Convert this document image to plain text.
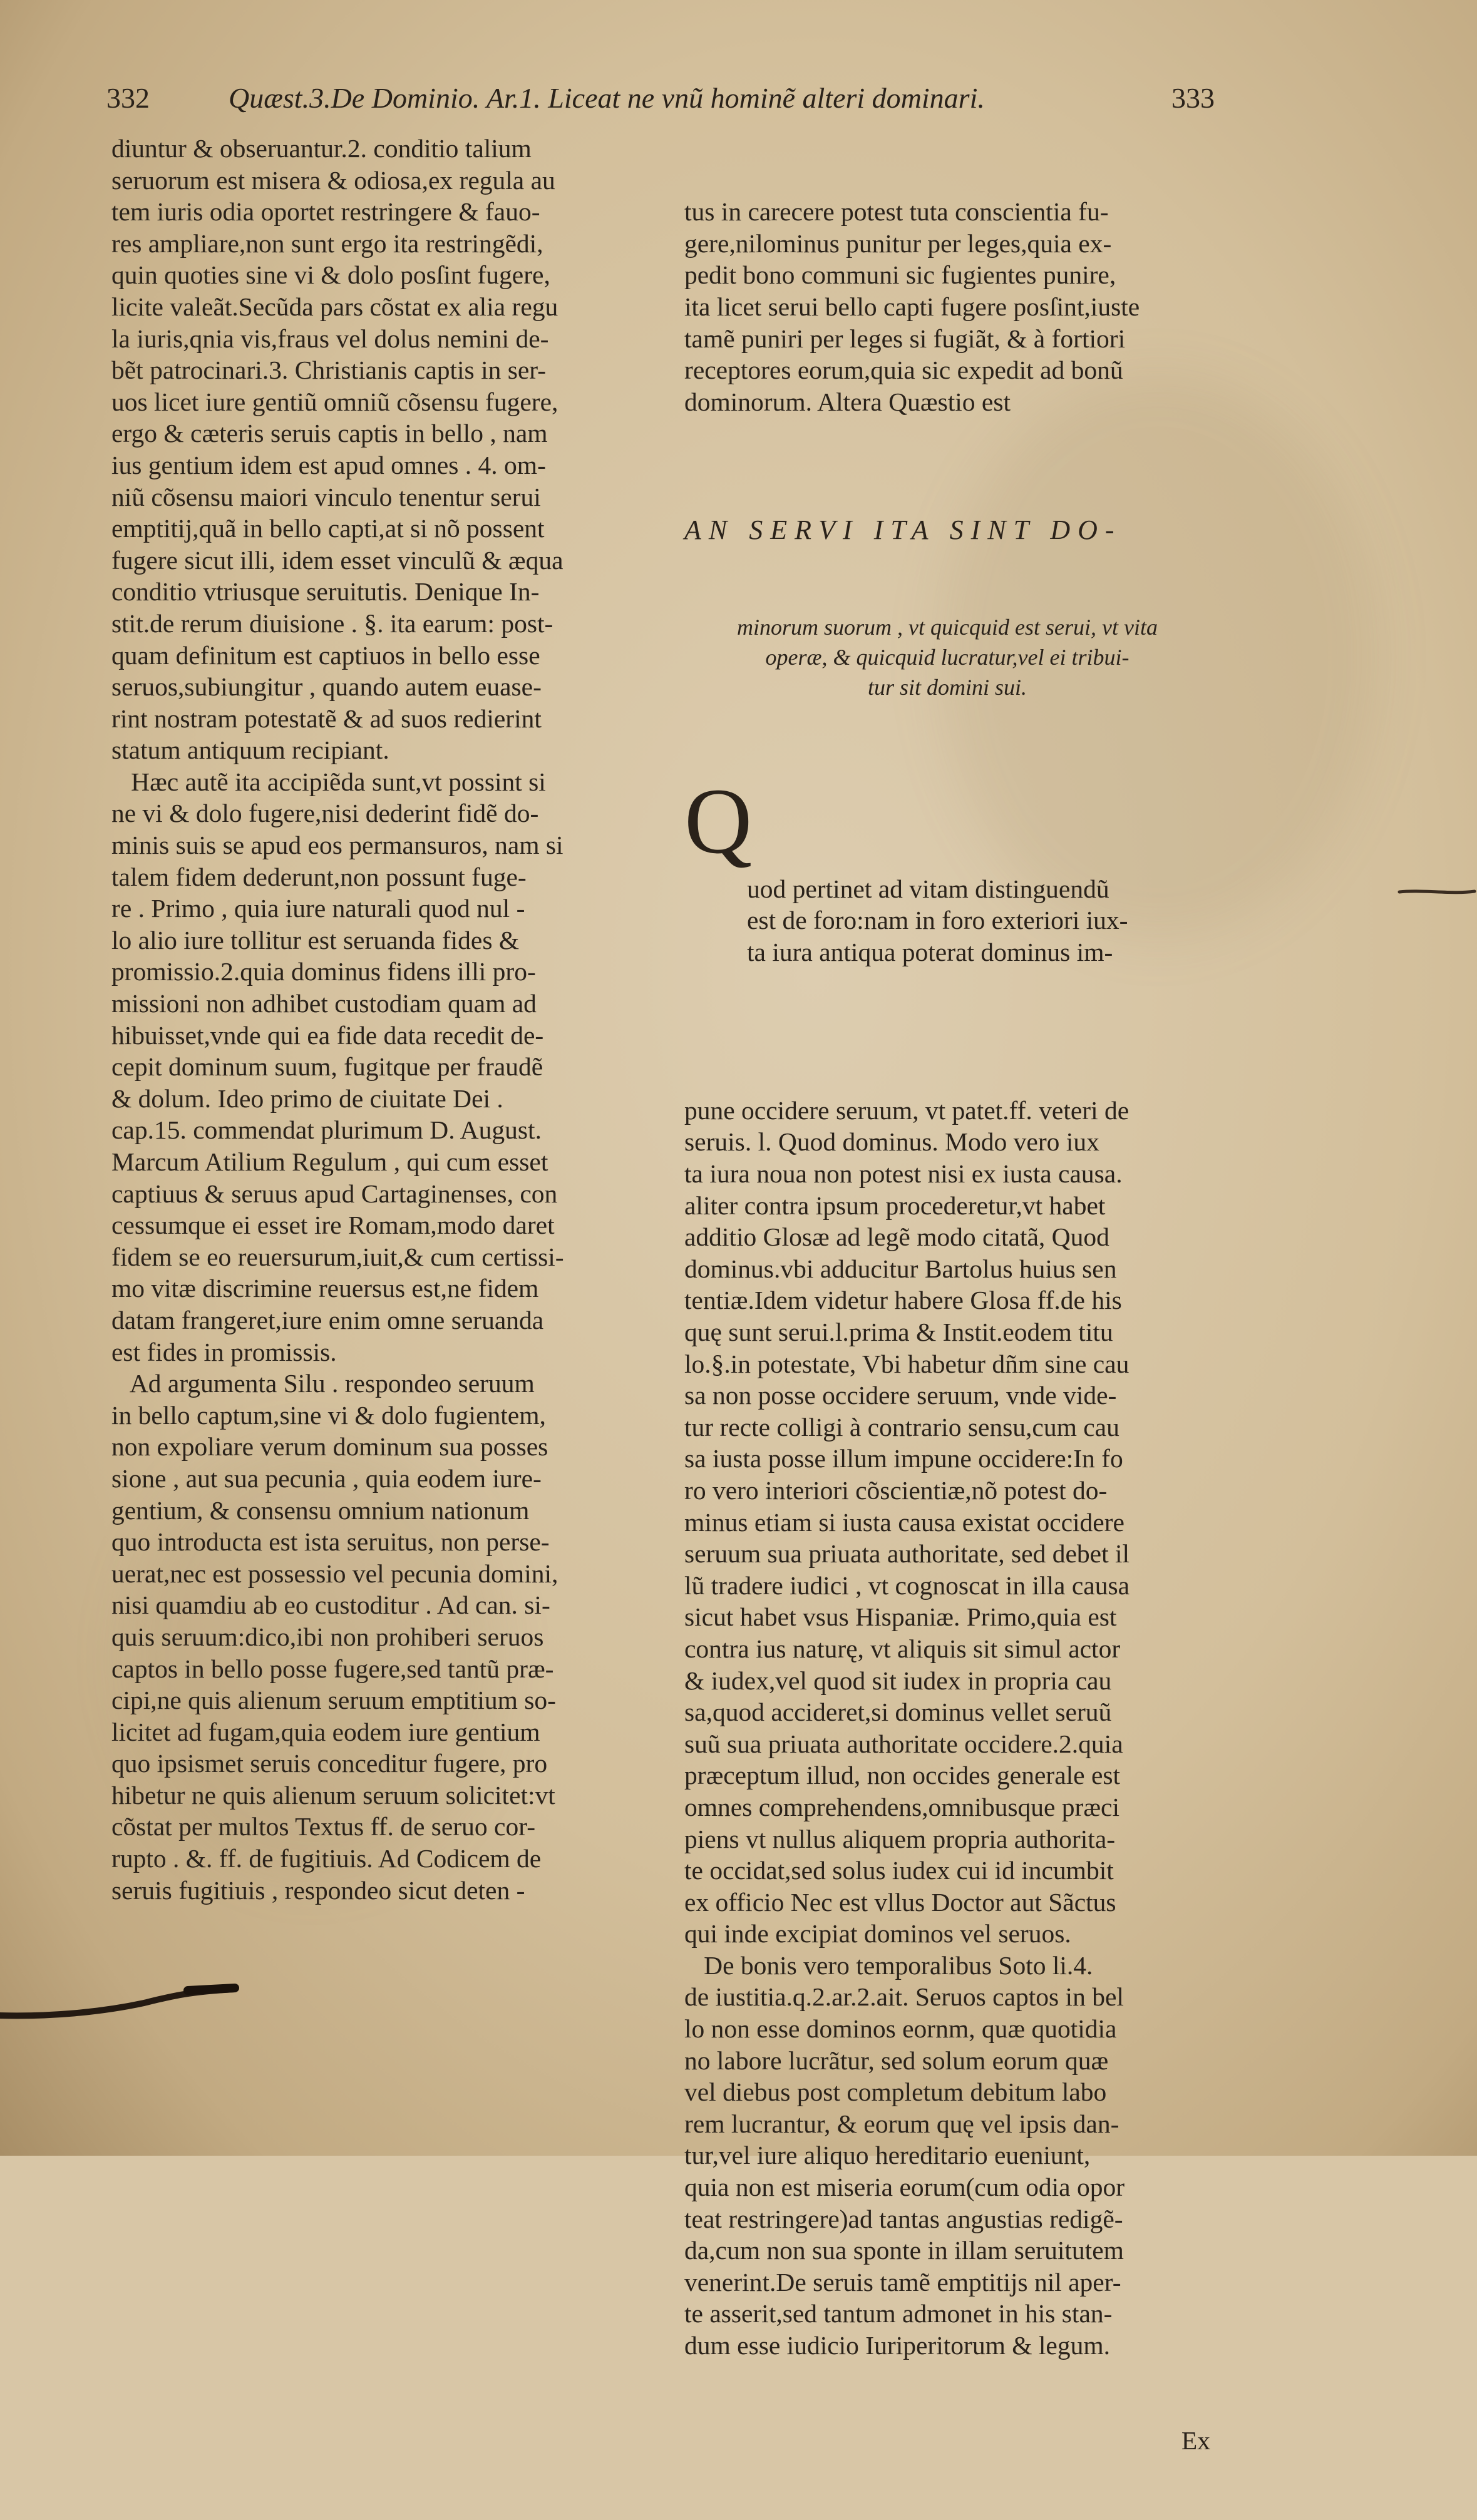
332	Quæst.3.De Dominio. Ar.1. Liceat ne vnũ hominẽ alteri dominari.	333
diuntur & obseruantur.2. conditio talium
seruorum est misera & odiosa,ex regula au
tem iuris odia oportet restringere & fauo-
res ampliare,non sunt ergo ita restringẽdi,
quin quoties sine vi & dolo posſint fugere,
licite valeãt.Secũda pars cõstat ex alia regu
la iuris,qnia vis,fraus vel dolus nemini de-
bẽt patrocinari.3. Christianis captis in ser-
uos licet iure gentiũ omniũ cõsensu fugere,
ergo & cæteris seruis captis in bello , nam
ius gentium idem est apud omnes . 4. om-
niũ cõsensu maiori vinculo tenentur serui
emptitij,quã in bello capti,at si nõ possent
fugere sicut illi, idem esset vinculũ & æqua
conditio vtriusque seruitutis. Denique In-
stit.de rerum diuisione . §. ita earum: post-
quam definitum est captiuos in bello esse
seruos,subiungitur , quando autem euase-
rint nostram potestatẽ & ad suos redierint
statum antiquum recipiant.
Hæc autẽ ita accipiẽda sunt,vt possint si
ne vi & dolo fugere,nisi dederint fidẽ do-
minis suis se apud eos permansuros, nam si
talem fidem dederunt,non possunt fuge-
re . Primo , quia iure naturali quod nul -
lo alio iure tollitur est seruanda fides &
promissio.2.quia dominus fidens illi pro-
missioni non adhibet custodiam quam ad
hibuisset,vnde qui ea fide data recedit de-
cepit dominum suum, fugitque per fraudẽ
& dolum. Ideo primo de ciuitate Dei .
cap.15. commendat plurimum D. August.
Marcum Atilium Regulum , qui cum esset
captiuus & seruus apud Cartaginenses, con
cessumque ei esset ire Romam,modo daret
fidem se eo reuersurum,iuit,& cum certissi-
mo vitæ discrimine reuersus est,ne fidem
datam frangeret,iure enim omne seruanda
est fides in promissis.
Ad argumenta Silu . respondeo seruum
in bello captum,sine vi & dolo fugientem,
non expoliare verum dominum sua posses
sione , aut sua pecunia , quia eodem iure-
gentium, & consensu omnium nationum
quo introducta est ista seruitus, non perse-
uerat,nec est possessio vel pecunia domini,
nisi quamdiu ab eo custoditur . Ad can. si-
quis seruum:dico,ibi non prohiberi seruos
captos in bello posse fugere,sed tantũ præ-
cipi,ne quis alienum seruum emptitium so-
licitet ad fugam,quia eodem iure gentium
quo ipsismet seruis conceditur fugere, pro
hibetur ne quis alienum seruum solicitet:vt
cõstat per multos Textus ff. de seruo cor-
rupto . &. ff. de fugitiuis. Ad Codicem de
seruis fugitiuis , respondeo sicut deten -

tus in carecere potest tuta conscientia fu-
gere,nilominus punitur per leges,quia ex-
pedit bono communi sic fugientes punire,
ita licet serui bello capti fugere posſint,iuste
tamẽ puniri per leges si fugiãt, & à fortiori
receptores eorum,quia sic expedit ad bonũ
dominorum. Altera Quæstio est

AN SERVI ITA SINT DO-

minorum suorum , vt quicquid est serui, vt vita
operæ, & quicquid lucratur,vel ei tribui-
tur sit domini sui.

Q

uod pertinet ad vitam distinguendũ
est de foro:nam in foro exteriori iux-
ta iura antiqua poterat dominus im-

pune occidere seruum, vt patet.ff. veteri de
seruis. l. Quod dominus. Modo vero iux
ta iura noua non potest nisi ex iusta causa.
aliter contra ipsum procederetur,vt habet
additio Glosæ ad legẽ modo citatã, Quod
dominus.vbi adducitur Bartolus huius sen
tentiæ.Idem videtur habere Glosa ff.de his
quę sunt serui.l.prima & Instit.eodem titu
lo.§.in potestate, Vbi habetur dñm sine cau
sa non posse occidere seruum, vnde vide-
tur recte colligi à contrario sensu,cum cau
sa iusta posse illum impune occidere:In fo
ro vero interiori cõscientiæ,nõ potest do-
minus etiam si iusta causa existat occidere
seruum sua priuata authoritate, sed debet il
lũ tradere iudici , vt cognoscat in illa causa
sicut habet vsus Hispaniæ. Primo,quia est
contra ius naturę, vt aliquis sit simul actor
& iudex,vel quod sit iudex in propria cau
sa,quod accideret,si dominus vellet seruũ
suũ sua priuata authoritate occidere.2.quia
præceptum illud, non occides generale est
omnes comprehendens,omnibusque præci
piens vt nullus aliquem propria authorita-
te occidat,sed solus iudex cui id incumbit
ex officio Nec est vllus Doctor aut Sãctus
qui inde excipiat dominos vel seruos.
De bonis vero temporalibus Soto li.4.
de iustitia.q.2.ar.2.ait. Seruos captos in bel
lo non esse dominos eornm, quæ quotidia
no labore lucrãtur, sed solum eorum quæ
vel diebus post completum debitum labo
rem lucrantur, & eorum quę vel ipsis dan-
tur,vel iure aliquo hereditario eueniunt,
quia non est miseria eorum(cum odia opor
teat restringere)ad tantas angustias redigẽ-
da,cum non sua sponte in illam seruitutem
venerint.De seruis tamẽ emptitijs nil aper-
te asserit,sed tantum admonet in his stan-
dum esse iudicio Iuriperitorum & legum.

Ex
